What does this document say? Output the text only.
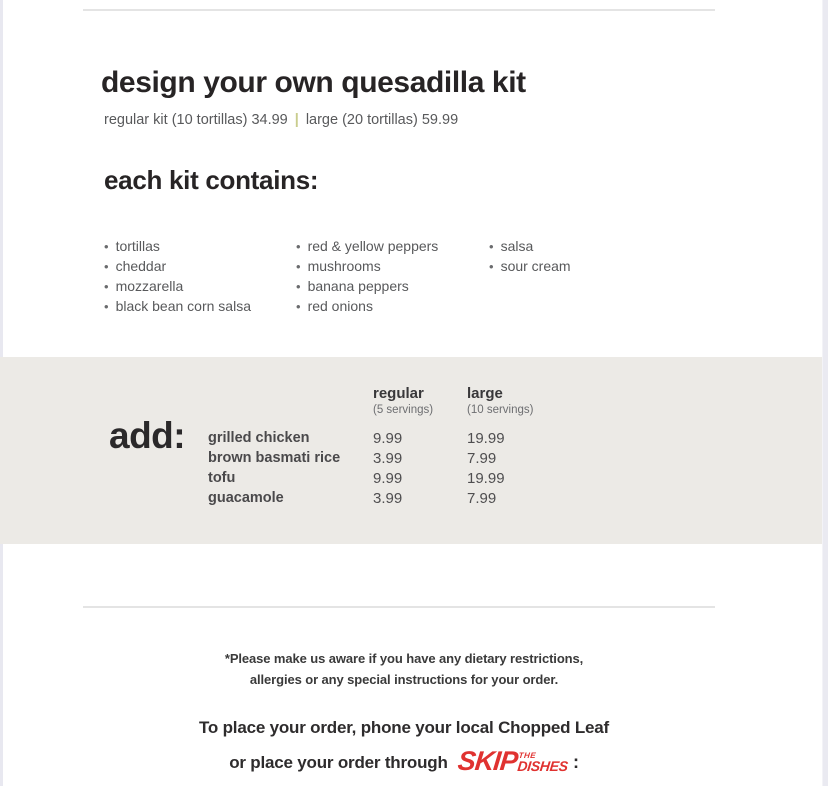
design your own quesadilla kit
regular kit (10 tortillas) 34.99 | large (20 tortillas) 59.99
each kit contains:
• tortillas
• cheddar
• mozzarella
• black bean corn salsa
• red & yellow peppers
• mushrooms
• banana peppers
• red onions
• salsa
• sour cream
add:
regular
(5 servings)
large
(10 servings)
grilled chicken	9.99	19.99
brown basmati rice 3.99	7.99
tofu	9.99	19.99
guacamole	3.99	7.99
*Please make us aware if you have any dietary restrictions,
allergies or any special instructions for your order.
To place your order, phone your local Chopped Leaf
or place your order through SKIP THE
DISHES :
